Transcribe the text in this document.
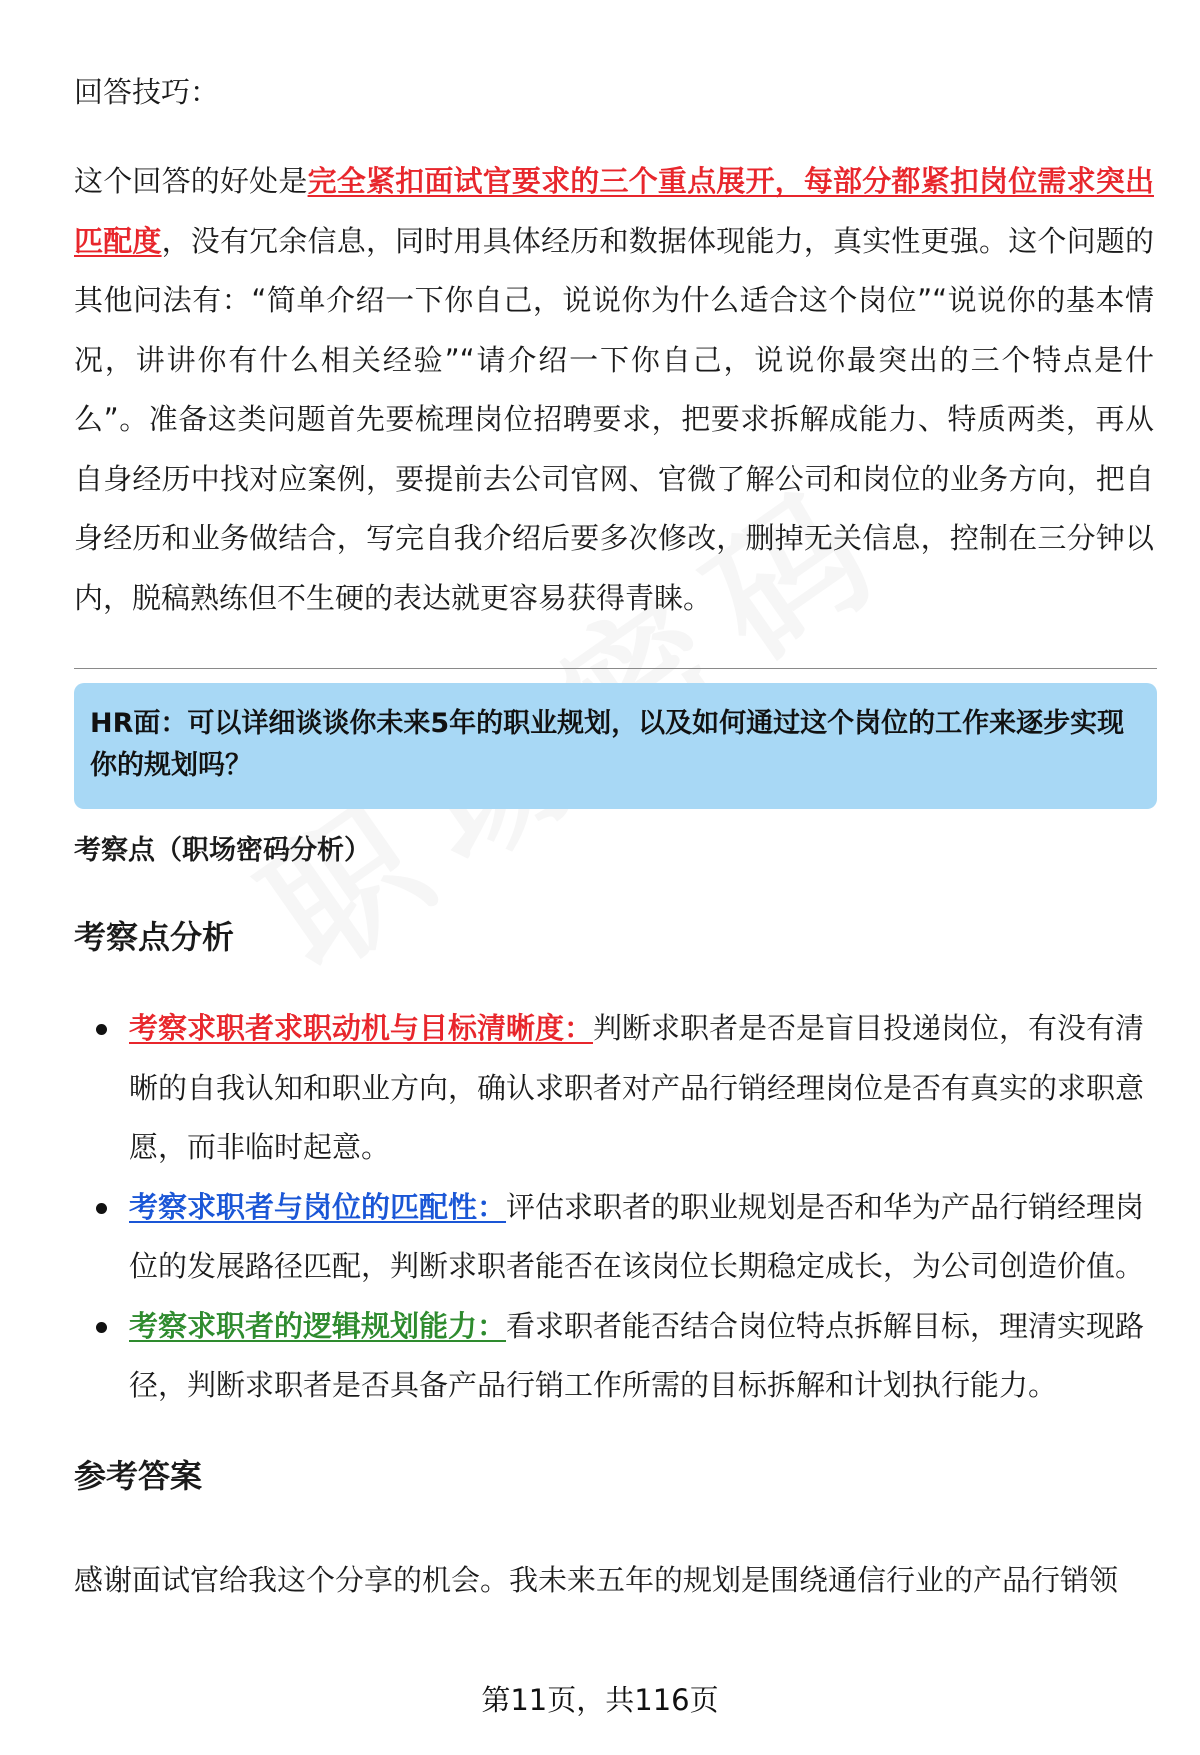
回答技巧：

这个回答的好处是完全紧扣面试官要求的三个重点展开，每部分都紧扣岗位需求突出匹配度，没有冗余信息，同时用具体经历和数据体现能力，真实性更强。这个问题的其他问法有：“简单介绍一下你自己，说说你为什么适合这个岗位”“说说你的基本情况，讲讲你有什么相关经验”“请介绍一下你自己，说说你最突出的三个特点是什么”。准备这类问题首先要梳理岗位招聘要求，把要求拆解成能力、特质两类，再从自身经历中找对应案例，要提前去公司官网、官微了解公司和岗位的业务方向，把自身经历和业务做结合，写完自我介绍后要多次修改，删掉无关信息，控制在三分钟以内，脱稿熟练但不生硬的表达就更容易获得青睐。

HR面：可以详细谈谈你未来5年的职业规划，以及如何通过这个岗位的工作来逐步实现你的规划吗？

考察点（职场密码分析）

考察点分析
考察求职者求职动机与目标清晰度：判断求职者是否是盲目投递岗位，有没有清晰的自我认知和职业方向，确认求职者对产品行销经理岗位是否有真实的求职意愿，而非临时起意。
考察求职者与岗位的匹配性：评估求职者的职业规划是否和华为产品行销经理岗位的发展路径匹配，判断求职者能否在该岗位长期稳定成长，为公司创造价值。
考察求职者的逻辑规划能力：看求职者能否结合岗位特点拆解目标，理清实现路径，判断求职者是否具备产品行销工作所需的目标拆解和计划执行能力。
参考答案

感谢面试官给我这个分享的机会。我未来五年的规划是围绕通信行业的产品行销领

第11页，共116页
